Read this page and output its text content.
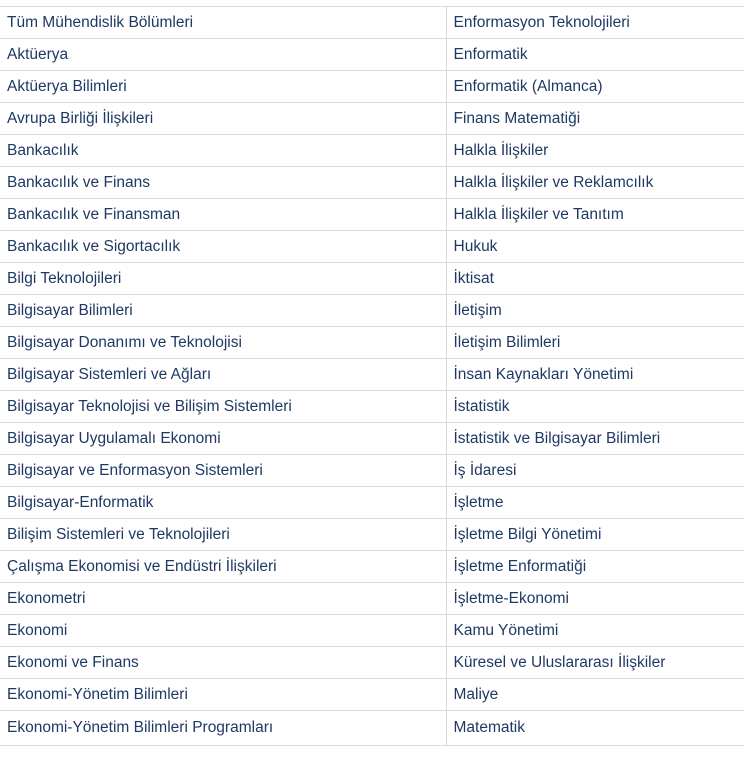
Tüm Mühendislik Bölümleri	Enformasyon Teknolojileri
Aktüerya	Enformatik
Aktüerya Bilimleri	Enformatik (Almanca)
Avrupa Birliği İlişkileri	Finans Matematiği
Bankacılık	Halkla İlişkiler
Bankacılık ve Finans	Halkla İlişkiler ve Reklamcılık
Bankacılık ve Finansman	Halkla İlişkiler ve Tanıtım
Bankacılık ve Sigortacılık	Hukuk
Bilgi Teknolojileri	İktisat
Bilgisayar Bilimleri	İletişim
Bilgisayar Donanımı ve Teknolojisi	İletişim Bilimleri
Bilgisayar Sistemleri ve Ağları	İnsan Kaynakları Yönetimi
Bilgisayar Teknolojisi ve Bilişim Sistemleri	İstatistik
Bilgisayar Uygulamalı Ekonomi	İstatistik ve Bilgisayar Bilimleri
Bilgisayar ve Enformasyon Sistemleri	İş İdaresi
Bilgisayar-Enformatik	İşletme
Bilişim Sistemleri ve Teknolojileri	İşletme Bilgi Yönetimi
Çalışma Ekonomisi ve Endüstri İlişkileri	İşletme Enformatiği
Ekonometri	İşletme-Ekonomi
Ekonomi	Kamu Yönetimi
Ekonomi ve Finans	Küresel ve Uluslararası İlişkiler
Ekonomi-Yönetim Bilimleri	Maliye
Ekonomi-Yönetim Bilimleri Programları	Matematik
